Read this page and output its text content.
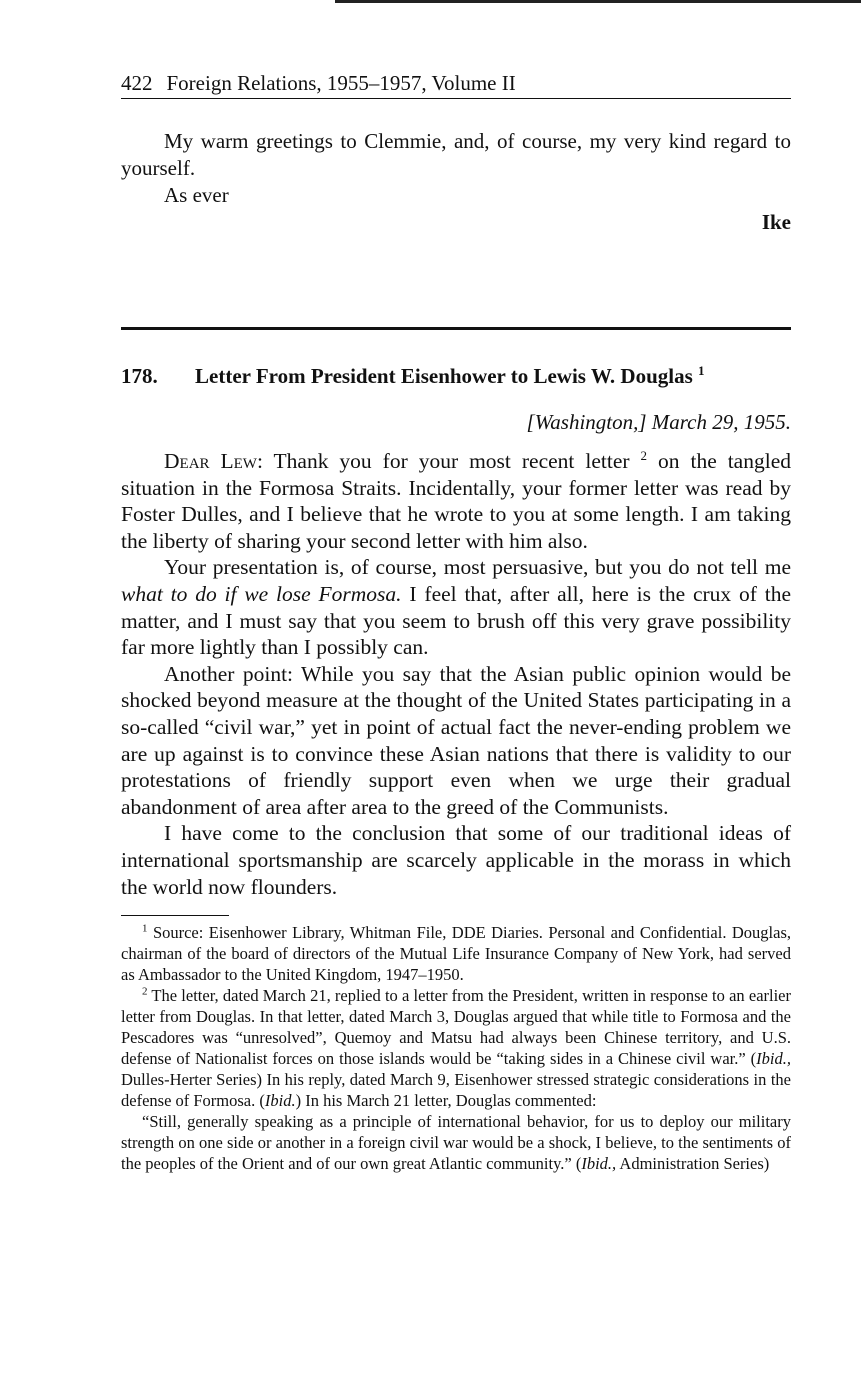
422 Foreign Relations, 1955–1957, Volume II

My warm greetings to Clemmie, and, of course, my very kind regard to yourself.

As ever

Ike

178.	Letter From President Eisenhower to Lewis W. Douglas $^1$

[Washington,] March 29, 1955.

Dear Lew: Thank you for your most recent letter $^2$ on the tangled situation in the Formosa Straits. Incidentally, your former letter was read by Foster Dulles, and I believe that he wrote to you at some length. I am taking the liberty of sharing your second letter with him also.

Your presentation is, of course, most persuasive, but you do not tell me what to do if we lose Formosa. I feel that, after all, here is the crux of the matter, and I must say that you seem to brush off this very grave possibility far more lightly than I possibly can.

Another point: While you say that the Asian public opinion would be shocked beyond measure at the thought of the United States participating in a so-called “civil war,” yet in point of actual fact the never-ending problem we are up against is to convince these Asian nations that there is validity to our protestations of friendly support even when we urge their gradual abandonment of area after area to the greed of the Communists.

I have come to the conclusion that some of our traditional ideas of international sportsmanship are scarcely applicable in the morass in which the world now flounders.

$^1$ Source: Eisenhower Library, Whitman File, DDE Diaries. Personal and Confidential. Douglas, chairman of the board of directors of the Mutual Life Insurance Company of New York, had served as Ambassador to the United Kingdom, 1947–1950.

$^2$ The letter, dated March 21, replied to a letter from the President, written in response to an earlier letter from Douglas. In that letter, dated March 3, Douglas argued that while title to Formosa and the Pescadores was “unresolved”, Quemoy and Matsu had always been Chinese territory, and U.S. defense of Nationalist forces on those islands would be “taking sides in a Chinese civil war.” (Ibid., Dulles-Herter Series) In his reply, dated March 9, Eisenhower stressed strategic considerations in the defense of Formosa. (Ibid.) In his March 21 letter, Douglas commented:

“Still, generally speaking as a principle of international behavior, for us to deploy our military strength on one side or another in a foreign civil war would be a shock, I believe, to the sentiments of the peoples of the Orient and of our own great Atlantic community.” (Ibid., Administration Series)
